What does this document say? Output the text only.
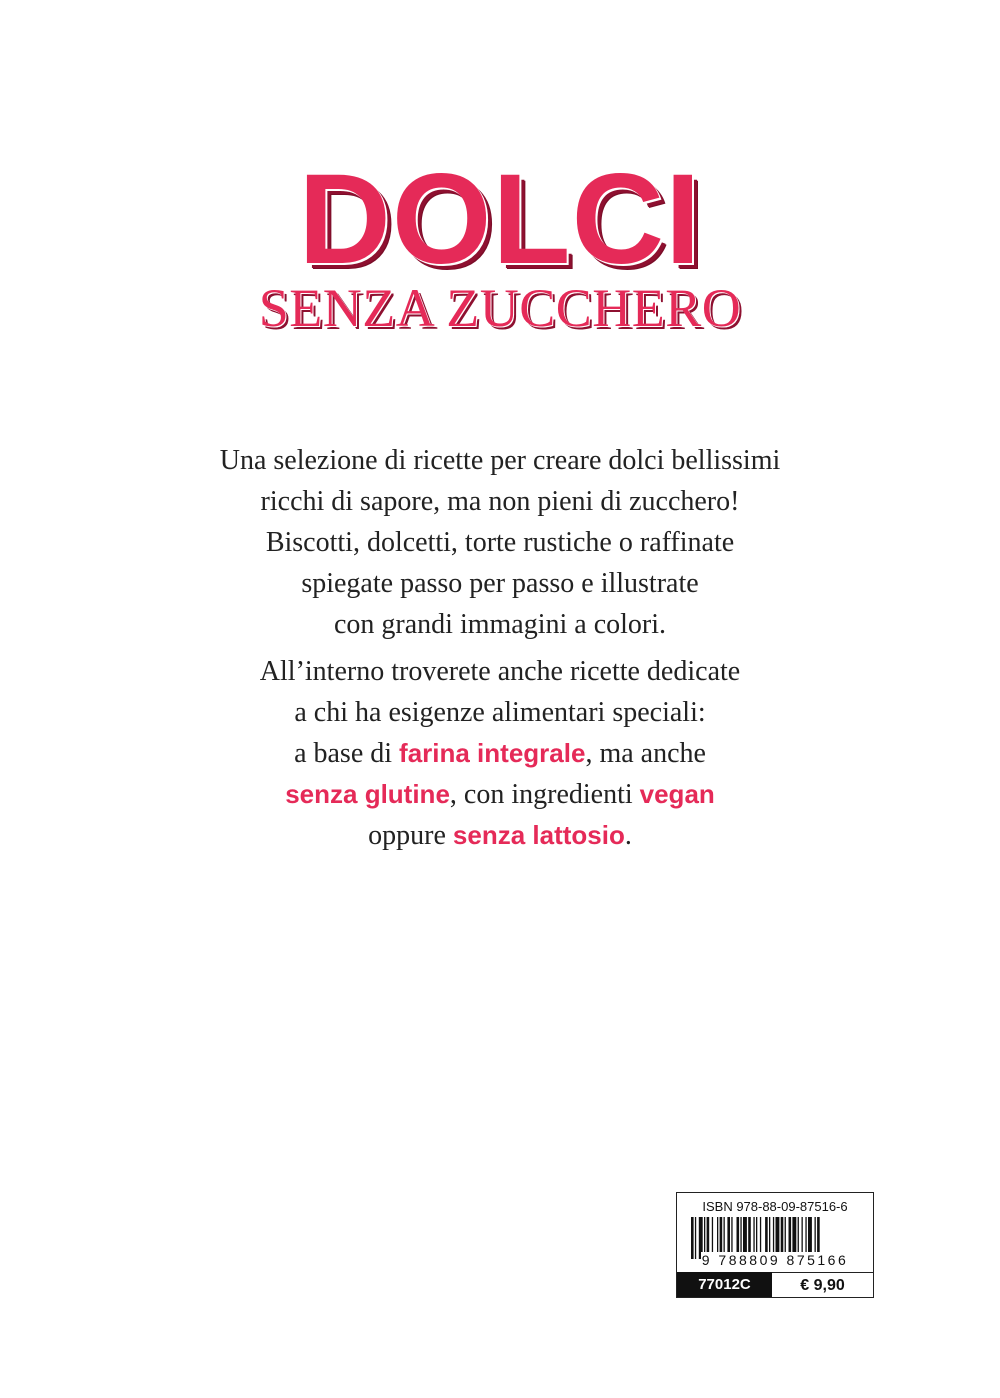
DOLCI
SENZA ZUCCHERO
Una selezione di ricette per creare dolci bellissimi
ricchi di sapore, ma non pieni di zucchero!
Biscotti, dolcetti, torte rustiche o raffinate
spiegate passo per passo e illustrate
con grandi immagini a colori.
All’interno troverete anche ricette dedicate
a chi ha esigenze alimentari speciali:
a base di farina integrale, ma anche
senza glutine, con ingredienti vegan
oppure senza lattosio.
ISBN 978-88-09-87516-6
9 788809 875166
77012C	€ 9,90
